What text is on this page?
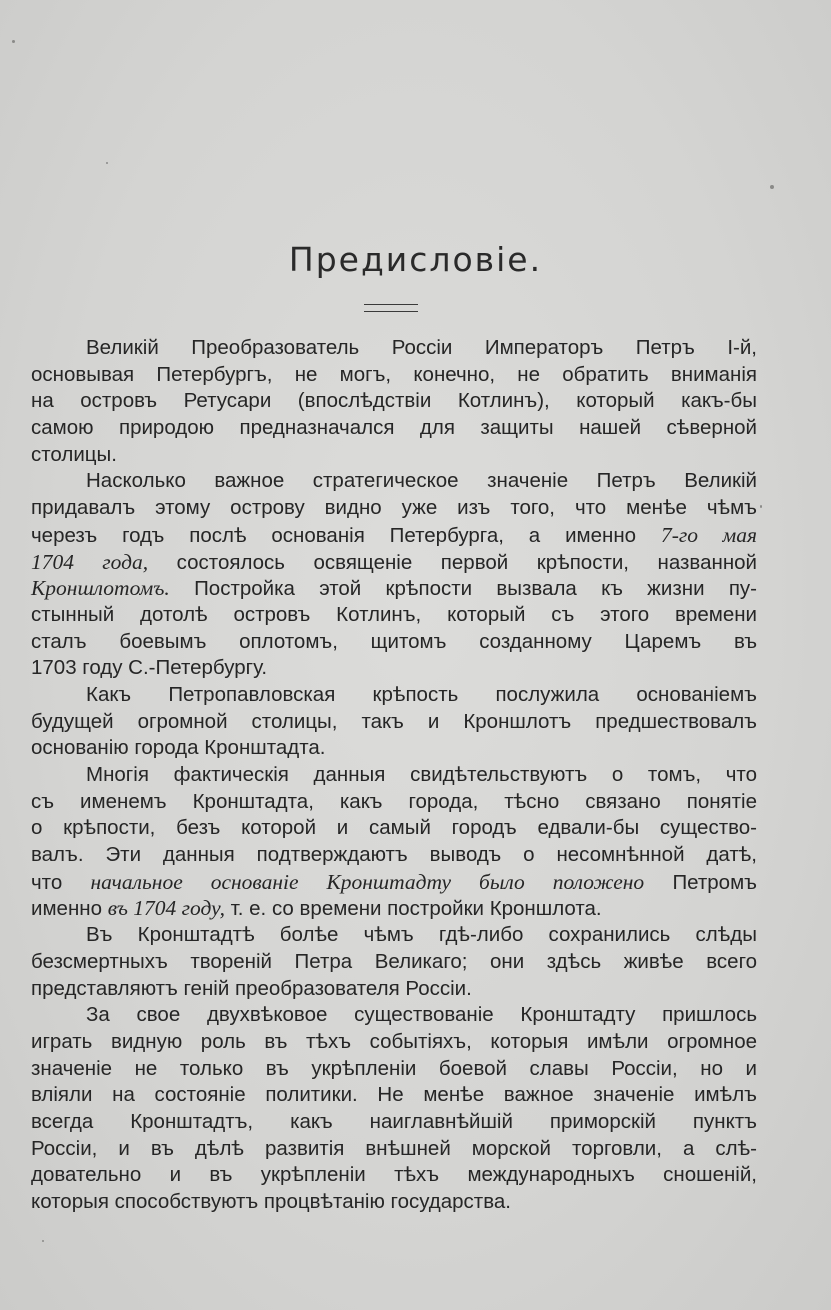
Предисловіе.
Великій Преобразователь Россіи Императоръ Петръ І-й,
основывая Петербургъ, не могъ, конечно, не обратить вниманія
на островъ Ретусари (впослѣдствіи Котлинъ), который какъ-бы
самою природою предназначался для защиты нашей сѣверной
столицы.
Насколько важное стратегическое значеніе Петръ Великій
придавалъ этому острову видно уже изъ того, что менѣе чѣмъ
черезъ годъ послѣ основанія Петербурга, а именно 7-го мая
1704 года, состоялось освященіе первой крѣпости, названной
Кроншлотомъ. Постройка этой крѣпости вызвала къ жизни пу-
стынный дотолѣ островъ Котлинъ, который съ этого времени
сталъ боевымъ оплотомъ, щитомъ созданному Царемъ въ
1703 году С.-Петербургу.
Какъ Петропавловская крѣпость послужила основаніемъ
будущей огромной столицы, такъ и Кроншлотъ предшествовалъ
основанію города Кронштадта.
Многія фактическія данныя свидѣтельствуютъ о томъ, что
съ именемъ Кронштадта, какъ города, тѣсно связано понятіе
о крѣпости, безъ которой и самый городъ едвали-бы существо-
валъ. Эти данныя подтверждаютъ выводъ о несомнѣнной датѣ,
что начальное основаніе Кронштадту было положено Петромъ
именно въ 1704 году, т. е. со времени постройки Кроншлота.
Въ Кронштадтѣ болѣе чѣмъ гдѣ-либо сохранились слѣды
безсмертныхъ твореній Петра Великаго; они здѣсь живѣе всего
представляютъ геній преобразователя Россіи.
За свое двухвѣковое существованіе Кронштадту пришлось
играть видную роль въ тѣхъ событіяхъ, которыя имѣли огромное
значеніе не только въ укрѣпленіи боевой славы Россіи, но и
вліяли на состояніе политики. Не менѣе важное значеніе имѣлъ
всегда Кронштадтъ, какъ наиглавнѣйшій приморскій пунктъ
Россіи, и въ дѣлѣ развитія внѣшней морской торговли, а слѣ-
довательно и въ укрѣпленіи тѣхъ международныхъ сношеній,
которыя способствуютъ процвѣтанію государства.
